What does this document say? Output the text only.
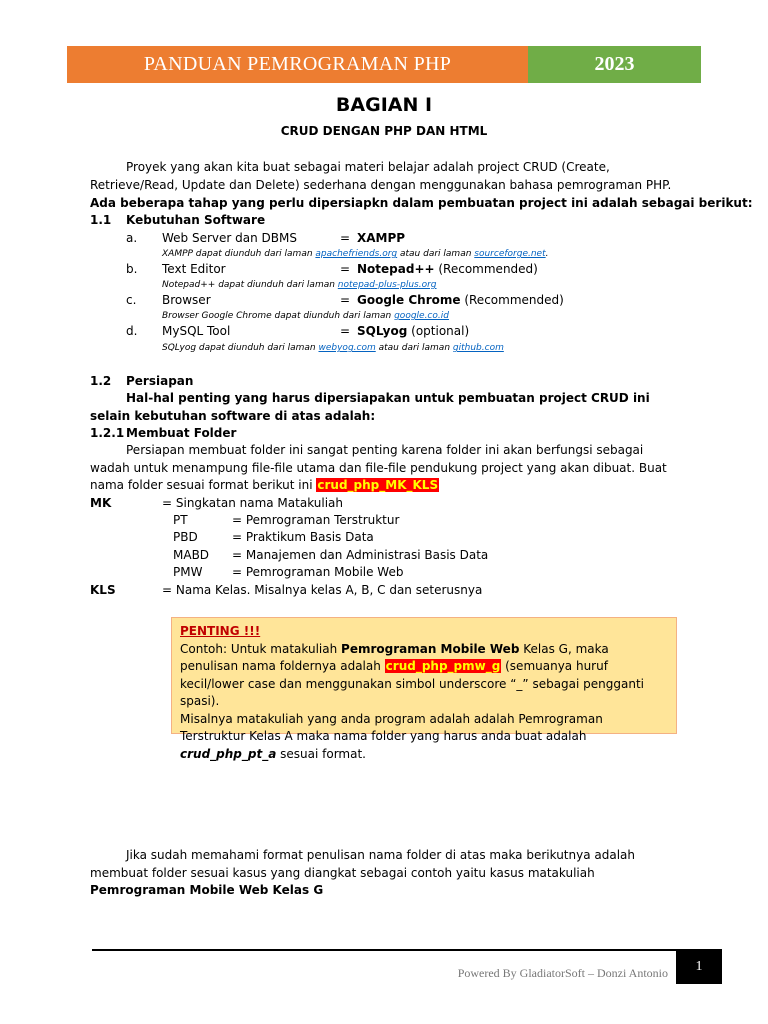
PANDUAN PEMROGRAMAN PHP	2023
BAGIAN I
CRUD DENGAN PHP DAN HTML
Proyek yang akan kita buat sebagai materi belajar adalah project CRUD (Create, Retrieve/Read, Update dan Delete) sederhana dengan menggunakan bahasa pemrograman PHP.
Ada beberapa tahap yang perlu dipersiapkn dalam pembuatan project ini adalah sebagai berikut:
1.1 Kebutuhan Software
a. Web Server dan DBMS	= XAMPP
XAMPP dapat diunduh dari laman apachefriends.org atau dari laman sourceforge.net.
b. Text Editor	= Notepad++ (Recommended)
Notepad++ dapat diunduh dari laman notepad-plus-plus.org
c. Browser	= Google Chrome (Recommended)
Browser Google Chrome dapat diunduh dari laman google.co.id
d. MySQL Tool	= SQLyog (optional)
SQLyog dapat diunduh dari laman webyog.com atau dari laman github.com
1.2 Persiapan
Hal-hal penting yang harus dipersiapakan untuk pembuatan project CRUD ini selain kebutuhan software di atas adalah:
1.2.1 Membuat Folder
Persiapan membuat folder ini sangat penting karena folder ini akan berfungsi sebagai wadah untuk menampung file-file utama dan file-file pendukung project yang akan dibuat. Buat nama folder sesuai format berikut ini crud_php_MK_KLS
MK	= Singkatan nama Matakuliah
PT	= Pemrograman Terstruktur
PBD	= Praktikum Basis Data
MABD = Manajemen dan Administrasi Basis Data
PMW = Pemrograman Mobile Web
KLS	= Nama Kelas. Misalnya kelas A, B, C dan seterusnya
PENTING !!!
Contoh: Untuk matakuliah Pemrograman Mobile Web Kelas G, maka penulisan nama foldernya adalah crud_php_pmw_g (semuanya huruf kecil/lower case dan menggunakan simbol underscore “_” sebagai pengganti spasi).
Misalnya matakuliah yang anda program adalah adalah Pemrograman Terstruktur Kelas A maka nama folder yang harus anda buat adalah crud_php_pt_a sesuai format.
Jika sudah memahami format penulisan nama folder di atas maka berikutnya adalah membuat folder sesuai kasus yang diangkat sebagai contoh yaitu kasus matakuliah Pemrograman Mobile Web Kelas G
Powered By GladiatorSoft – Donzi Antonio	1
